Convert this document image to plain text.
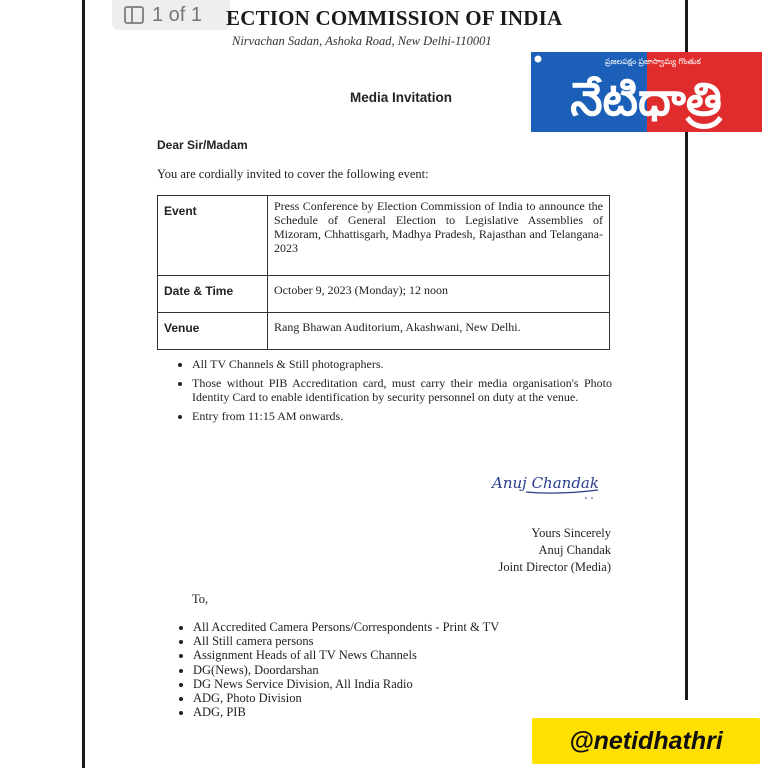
1 of 1 ECTION COMMISSION OF INDIA
Nirvachan Sadan, Ashoka Road, New Delhi-110001
నేటిధాత్రి
ప్రజలపక్షం ప్రజాస్వామ్య గొంతుక
Media Invitation
Dear Sir/Madam
You are cordially invited to cover the following event:
Event	Press Conference by Election Commission of India to announce the Schedule of General Election to Legislative Assemblies of Mizoram, Chhattisgarh, Madhya Pradesh, Rajasthan and Telangana- 2023
Date & Time	October 9, 2023 (Monday); 12 noon
Venue	Rang Bhawan Auditorium, Akashwani, New Delhi.
• All TV Channels & Still photographers.
• Those without PIB Accreditation card, must carry their media organisation's Photo Identity Card to enable identification by security personnel on duty at the venue.
• Entry from 11:15 AM onwards.
Anuj Chandak
Yours Sincerely
Anuj Chandak
Joint Director (Media)
To,
• All Accredited Camera Persons/Correspondents - Print & TV
• All Still camera persons
• Assignment Heads of all TV News Channels
• DG(News), Doordarshan
• DG News Service Division, All India Radio
• ADG, Photo Division
• ADG, PIB
@netidhathri
